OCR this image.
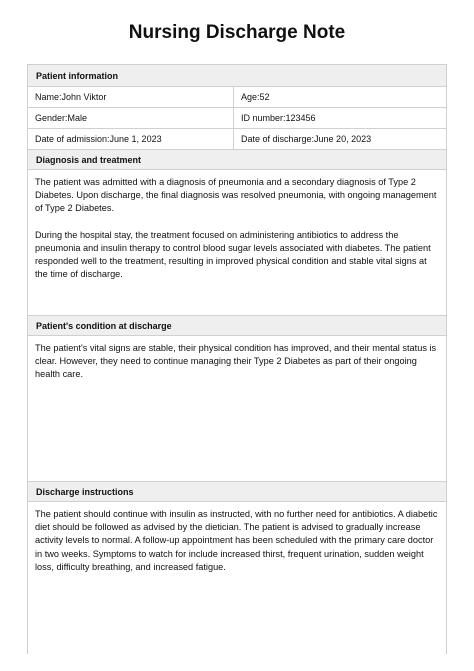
Nursing Discharge Note
Patient information
Name:John Viktor	Age:52
Gender:Male	ID number:123456
Date of admission:June 1, 2023	Date of discharge:June 20, 2023
Diagnosis and treatment

The patient was admitted with a diagnosis of pneumonia and a secondary diagnosis of Type 2 Diabetes. Upon discharge, the final diagnosis was resolved pneumonia, with ongoing management of Type 2 Diabetes.

During the hospital stay, the treatment focused on administering antibiotics to address the pneumonia and insulin therapy to control blood sugar levels associated with diabetes. The patient responded well to the treatment, resulting in improved physical condition and stable vital signs at the time of discharge.

Patient's condition at discharge

The patient's vital signs are stable, their physical condition has improved, and their mental status is clear. However, they need to continue managing their Type 2 Diabetes as part of their ongoing health care.

Discharge instructions

The patient should continue with insulin as instructed, with no further need for antibiotics. A diabetic diet should be followed as advised by the dietician. The patient is advised to gradually increase activity levels to normal. A follow-up appointment has been scheduled with the primary care doctor in two weeks. Symptoms to watch for include increased thirst, frequent urination, sudden weight loss, difficulty breathing, and increased fatigue.
